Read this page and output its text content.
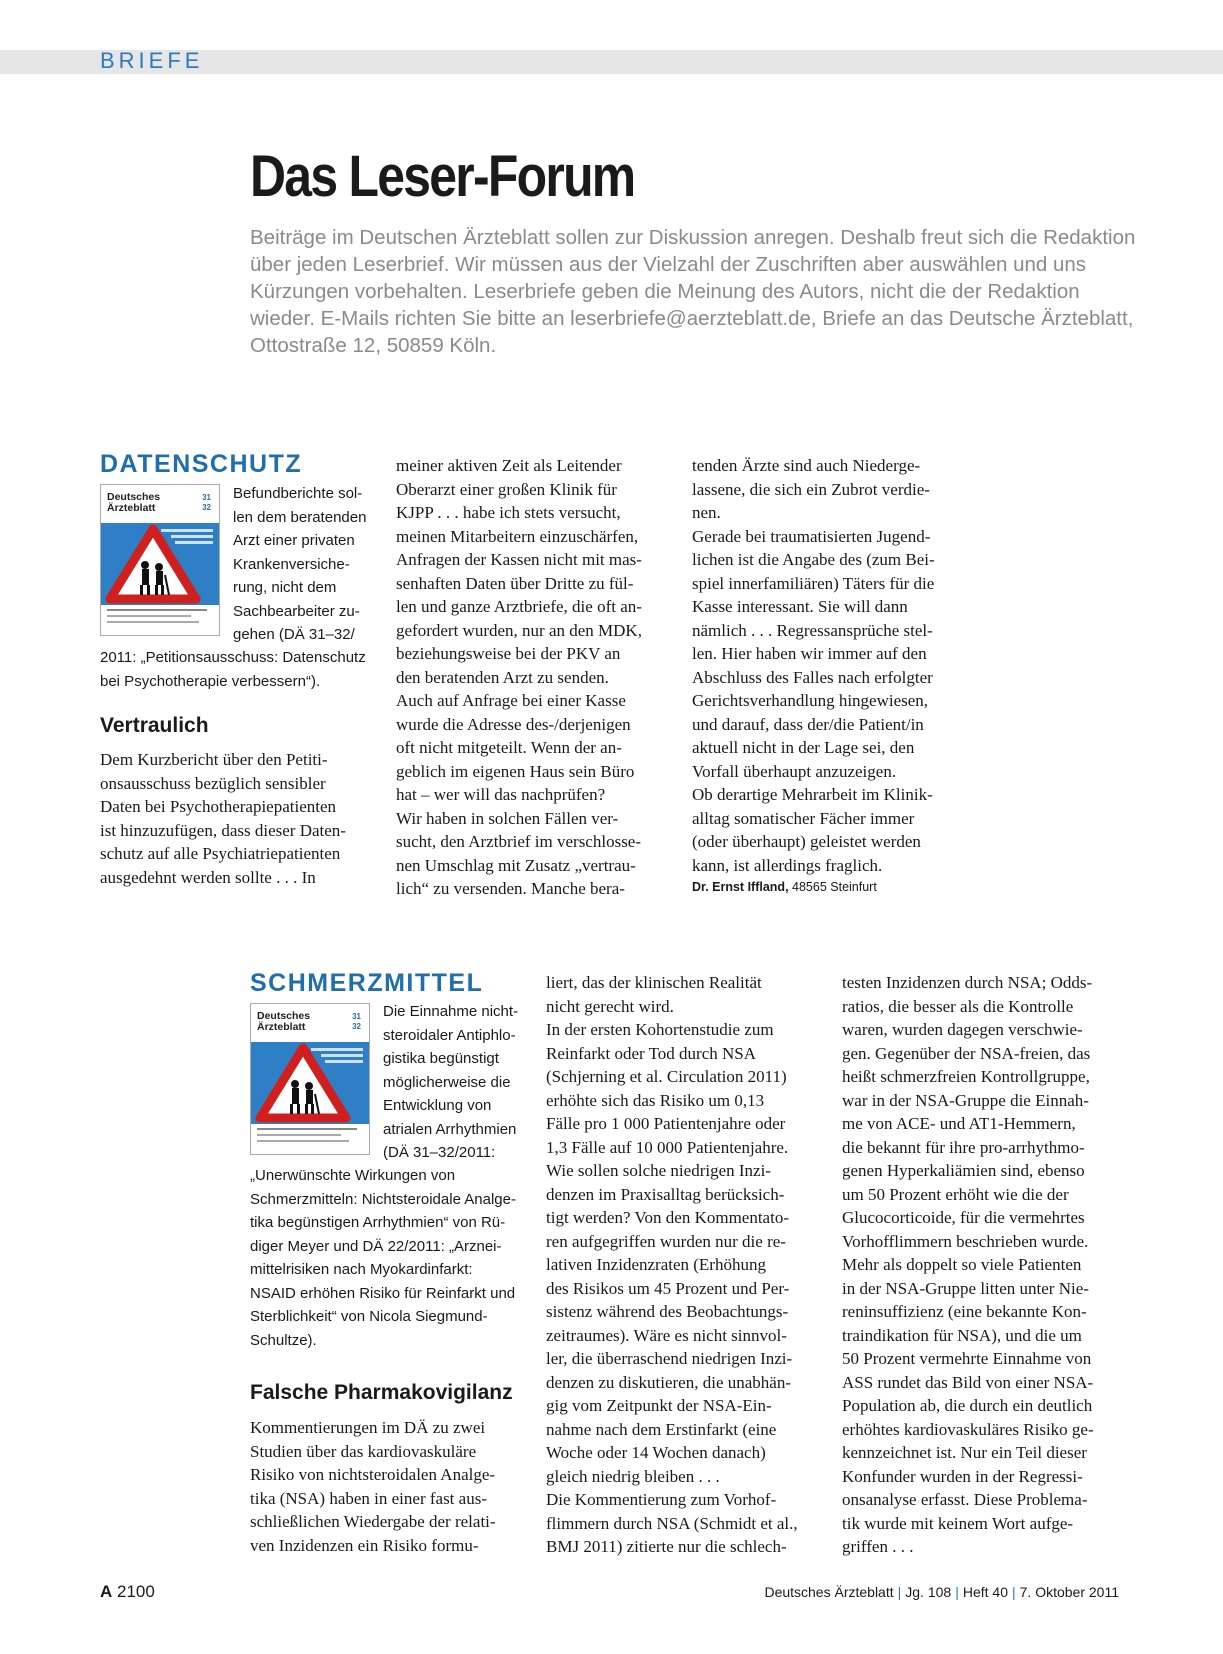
BRIEFE
Das Leser-Forum

Beiträge im Deutschen Ärzteblatt sollen zur Diskussion anregen. Deshalb freut sich die Redaktion über jeden Leserbrief. Wir müssen aus der Vielzahl der Zuschriften aber auswählen und uns Kürzungen vorbehalten. Leserbriefe geben die Meinung des Autors, nicht die der Redaktion wieder. E-Mails richten Sie bitte an leserbriefe@aerzteblatt.de, Briefe an das Deutsche Ärzteblatt, Ottostraße 12, 50859 Köln.

DATENSCHUTZ
Deutsches
Ärzteblatt
31
32
Befundberichte sol-
len dem beratenden
Arzt einer privaten
Krankenversiche-
rung, nicht dem
Sachbearbeiter zu-
gehen (DÄ 31–32/
2011: „Petitionsausschuss: Datenschutz
bei Psychotherapie verbessern“).
Vertraulich
Dem Kurzbericht über den Petiti-
onsausschuss bezüglich sensibler
Daten bei Psychotherapiepatienten
ist hinzuzufügen, dass dieser Daten-
schutz auf alle Psychiatriepatienten
ausgedehnt werden sollte . . . In
meiner aktiven Zeit als Leitender
Oberarzt einer großen Klinik für
KJPP . . . habe ich stets versucht,
meinen Mitarbeitern einzuschärfen,
Anfragen der Kassen nicht mit mas-
senhaften Daten über Dritte zu fül-
len und ganze Arztbriefe, die oft an-
gefordert wurden, nur an den MDK,
beziehungsweise bei der PKV an
den beratenden Arzt zu senden.
Auch auf Anfrage bei einer Kasse
wurde die Adresse des-/derjenigen
oft nicht mitgeteilt. Wenn der an-
geblich im eigenen Haus sein Büro
hat – wer will das nachprüfen?
Wir haben in solchen Fällen ver-
sucht, den Arztbrief im verschlosse-
nen Umschlag mit Zusatz „vertrau-
lich“ zu versenden. Manche bera-
tenden Ärzte sind auch Niederge-
lassene, die sich ein Zubrot verdie-
nen.
Gerade bei traumatisierten Jugend-
lichen ist die Angabe des (zum Bei-
spiel innerfamiliären) Täters für die
Kasse interessant. Sie will dann
nämlich . . . Regressansprüche stel-
len. Hier haben wir immer auf den
Abschluss des Falles nach erfolgter
Gerichtsverhandlung hingewiesen,
und darauf, dass der/die Patient/in
aktuell nicht in der Lage sei, den
Vorfall überhaupt anzuzeigen.
Ob derartige Mehrarbeit im Klinik-
alltag somatischer Fächer immer
(oder überhaupt) geleistet werden
kann, ist allerdings fraglich.

Dr. Ernst Iffland, 48565 Steinfurt

SCHMERZMITTEL
Deutsches
Ärzteblatt
31
32
Die Einnahme nicht-
steroidaler Antiphlo-
gistika begünstigt
möglicherweise die
Entwicklung von
atrialen Arrhythmien
(DÄ 31–32/2011:
„Unerwünschte Wirkungen von
Schmerzmitteln: Nichtsteroidale Analge-
tika begünstigen Arrhythmien“ von Rü-
diger Meyer und DÄ 22/2011: „Arznei-
mittelrisiken nach Myokardinfarkt:
NSAID erhöhen Risiko für Reinfarkt und
Sterblichkeit“ von Nicola Siegmund-
Schultze).
Falsche Pharmakovigilanz
Kommentierungen im DÄ zu zwei
Studien über das kardiovaskuläre
Risiko von nichtsteroidalen Analge-
tika (NSA) haben in einer fast aus-
schließlichen Wiedergabe der relati-
ven Inzidenzen ein Risiko formu-
liert, das der klinischen Realität
nicht gerecht wird.
In der ersten Kohortenstudie zum
Reinfarkt oder Tod durch NSA
(Schjerning et al. Circulation 2011)
erhöhte sich das Risiko um 0,13
Fälle pro 1 000 Patientenjahre oder
1,3 Fälle auf 10 000 Patientenjahre.
Wie sollen solche niedrigen Inzi-
denzen im Praxisalltag berücksich-
tigt werden? Von den Kommentato-
ren aufgegriffen wurden nur die re-
lativen Inzidenzraten (Erhöhung
des Risikos um 45 Prozent und Per-
sistenz während des Beobachtungs-
zeitraumes). Wäre es nicht sinnvol-
ler, die überraschend niedrigen Inzi-
denzen zu diskutieren, die unabhän-
gig vom Zeitpunkt der NSA-Ein-
nahme nach dem Erstinfarkt (eine
Woche oder 14 Wochen danach)
gleich niedrig bleiben . . .
Die Kommentierung zum Vorhof-
flimmern durch NSA (Schmidt et al.,
BMJ 2011) zitierte nur die schlech-
testen Inzidenzen durch NSA; Odds-
ratios, die besser als die Kontrolle
waren, wurden dagegen verschwie-
gen. Gegenüber der NSA-freien, das
heißt schmerzfreien Kontrollgruppe,
war in der NSA-Gruppe die Einnah-
me von ACE- und AT1-Hemmern,
die bekannt für ihre pro-arrhythmo-
genen Hyperkaliämien sind, ebenso
um 50 Prozent erhöht wie die der
Glucocorticoide, für die vermehrtes
Vorhofflimmern beschrieben wurde.
Mehr als doppelt so viele Patienten
in der NSA-Gruppe litten unter Nie-
reninsuffizienz (eine bekannte Kon-
traindikation für NSA), und die um
50 Prozent vermehrte Einnahme von
ASS rundet das Bild von einer NSA-
Population ab, die durch ein deutlich
erhöhtes kardiovaskuläres Risiko ge-
kennzeichnet ist. Nur ein Teil dieser
Konfunder wurden in der Regressi-
onsanalyse erfasst. Diese Problema-
tik wurde mit keinem Wort aufge-
griffen . . .

A 2100	Deutsches Ärzteblatt | Jg. 108 | Heft 40 | 7. Oktober 2011
